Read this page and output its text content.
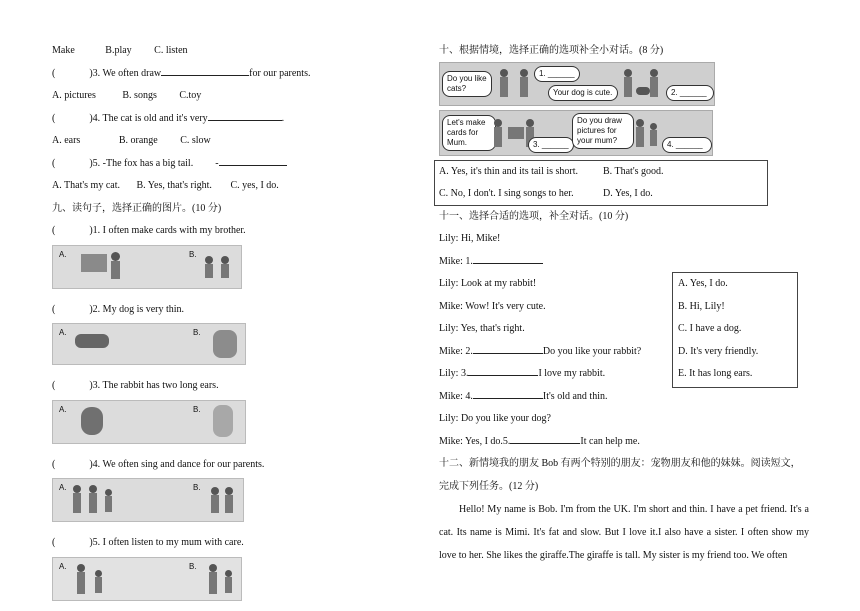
Make	B.play C. listen
(	)3. We often draw	for our parents.
A. pictures	B. songs C.toy
(	)4. The cat is old and it's very	.
A. ears	B. orange C. slow
(	)5. -The fox has a big tail. -
A. That's my cat. B. Yes, that's right. C. yes, I do.
九、读句子，选择正确的图片。(10 分)
(	)1. I often make cards with my brother.
A.	B.
(	)2. My dog is very thin.
A.	B.
(	)3. The rabbit has two long ears.
A.	B.
(	)4. We often sing and dance for our parents.
A.	B.
(	)5. I often listen to my mum with care.
A.	B.
十、根据情境，选择正确的选项补全小对话。(8 分)
Do you like cats?
1. ______
Your dog is cute.	2. ______
Let's make cards for Mum.	3. ______
Do you draw pictures for your mum?	4. ______
A. Yes, it's thin and its tail is short.	B. That's good.
C. No, I don't. I sing songs to her.	D. Yes, I do.
十一、选择合适的选项，补全对话。(10 分)
Lily: Hi, Mike!
Mike: 1.
Lily: Look at my rabbit!
Mike: Wow! It's very cute.
Lily: Yes, that's right.
Mike: 2.	Do you like your rabbit?
Lily: 3.	I love my rabbit.
Mike: 4.	It's old and thin.
Lily: Do you like your dog?
Mike: Yes, I do.5.	It can help me.
十二、新情境我的朋友 Bob 有两个特别的朋友：宠物朋友和他的妹妹。阅读短文，
完成下列任务。(12 分)
Hello! My name is Bob. I'm from the UK. I'm short and thin. I have a pet friend. It's a cat. Its name is Mimi. It's fat and slow. But I love it.I also have a sister. I often show my love to her. She likes the giraffe.The giraffe is tall. My sister is my friend too. We often
A. Yes, I do.
B. Hi, Lily!
C. I have a dog.
D. It's very friendly.
E. It has long ears.
